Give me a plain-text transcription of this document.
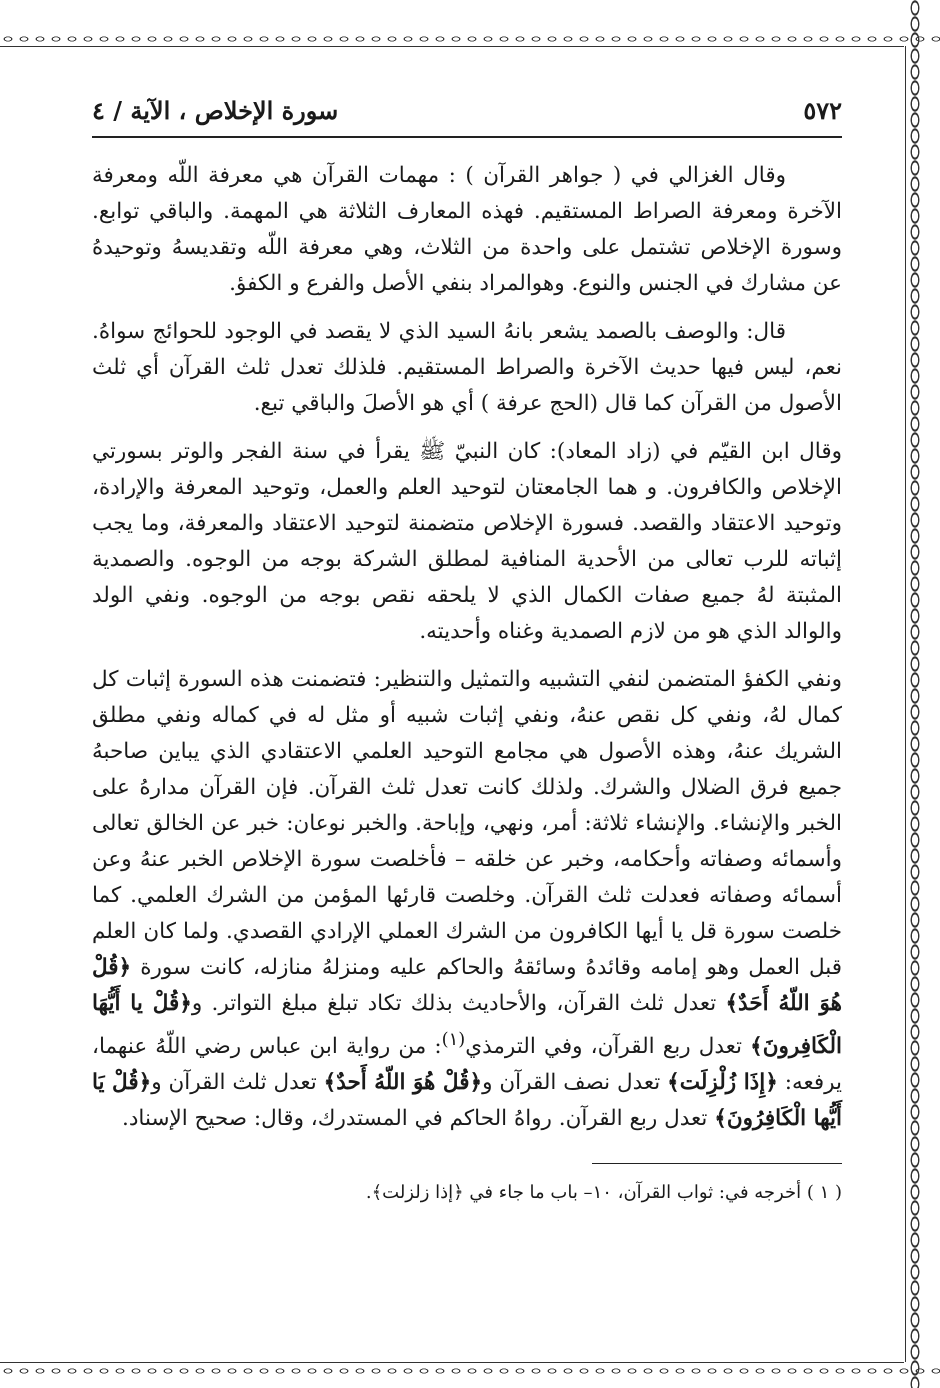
٥٧٢
سورة الإخلاص ، الآية / ٤

وقال الغزالي في ( جواهر القرآن ) : مهمات القرآن هي معرفة اللّه ومعرفة الآخرة ومعرفة الصراط المستقيم. فهذه المعارف الثلاثة هي المهمة. والباقي توابع. وسورة الإخلاص تشتمل على واحدة من الثلاث، وهي معرفة اللّه وتقديسهُ وتوحيدهُ عن مشارك في الجنس والنوع. وهوالمراد بنفي الأصل والفرع و الكفؤ.

قال: والوصف بالصمد يشعر بانهُ السيد الذي لا يقصد في الوجود للحوائج سواهُ. نعم، ليس فيها حديث الآخرة والصراط المستقيم. فلذلك تعدل ثلث القرآن أي ثلث الأصول من القرآن كما قال (الحج عرفة ) أي هو الأصلَ والباقي تبع.

وقال ابن القيّم في (زاد المعاد): كان النبيّ ﷺ يقرأ في سنة الفجر والوتر بسورتي الإخلاص والكافرون. و هما الجامعتان لتوحيد العلم والعمل، وتوحيد المعرفة والإرادة، وتوحيد الاعتقاد والقصد. فسورة الإخلاص متضمنة لتوحيد الاعتقاد والمعرفة، وما يجب إثباته للرب تعالى من الأحدية المنافية لمطلق الشركة بوجه من الوجوه. والصمدية المثبتة لهُ جميع صفات الكمال الذي لا يلحقه نقص بوجه من الوجوه. ونفي الولد والوالد الذي هو من لازم الصمدية وغناه وأحديته.

ونفي الكفؤ المتضمن لنفي التشبيه والتمثيل والتنظير: فتضمنت هذه السورة إثبات كل كمال لهُ، ونفي كل نقص عنهُ، ونفي إثبات شبيه أو مثل له في كماله ونفي مطلق الشريك عنهُ، وهذه الأصول هي مجامع التوحيد العلمي الاعتقادي الذي يباين صاحبهُ جميع فرق الضلال والشرك. ولذلك كانت تعدل ثلث القرآن. فإن القرآن مدارهُ على الخبر والإنشاء. والإنشاء ثلاثة: أمر، ونهي، وإباحة. والخبر نوعان: خبر عن الخالق تعالى وأسمائه وصفاته وأحكامه، وخبر عن خلقه – فأخلصت سورة الإخلاص الخبر عنهُ وعن أسمائه وصفاته فعدلت ثلث القرآن. وخلصت قارئها المؤمن من الشرك العلمي. كما خلصت سورة قل يا أيها الكافرون من الشرك العملي الإرادي القصدي. ولما كان العلم قبل العمل وهو إمامه وقائدهُ وسائقهُ والحاكم عليه ومنزلهُ منازله، كانت سورة ﴿قُلْ هُوَ اللّهُ أَحَدٌ﴾ تعدل ثلث القرآن، والأحاديث بذلك تكاد تبلغ مبلغ التواتر. و﴿قُلْ يا أَيُّهَا الْكَافِرونَ﴾ تعدل ربع القرآن، وفي الترمذي$^{(١)}$: من رواية ابن عباس رضي اللّهُ عنهما، يرفعه: ﴿إِذَا زُلْزِلَت﴾ تعدل نصف القرآن و﴿قُلْ هُوَ اللّهُ أَحدٌ﴾ تعدل ثلث القرآن و﴿قُلْ يَا أَيُّها الْكَافِرُونَ﴾ تعدل ربع القرآن. رواهُ الحاكم في المستدرك، وقال: صحيح الإسناد.

( ١ ) أخرجه في: ثواب القرآن، ١٠– باب ما جاء في ﴿إذا زلزلت﴾.
